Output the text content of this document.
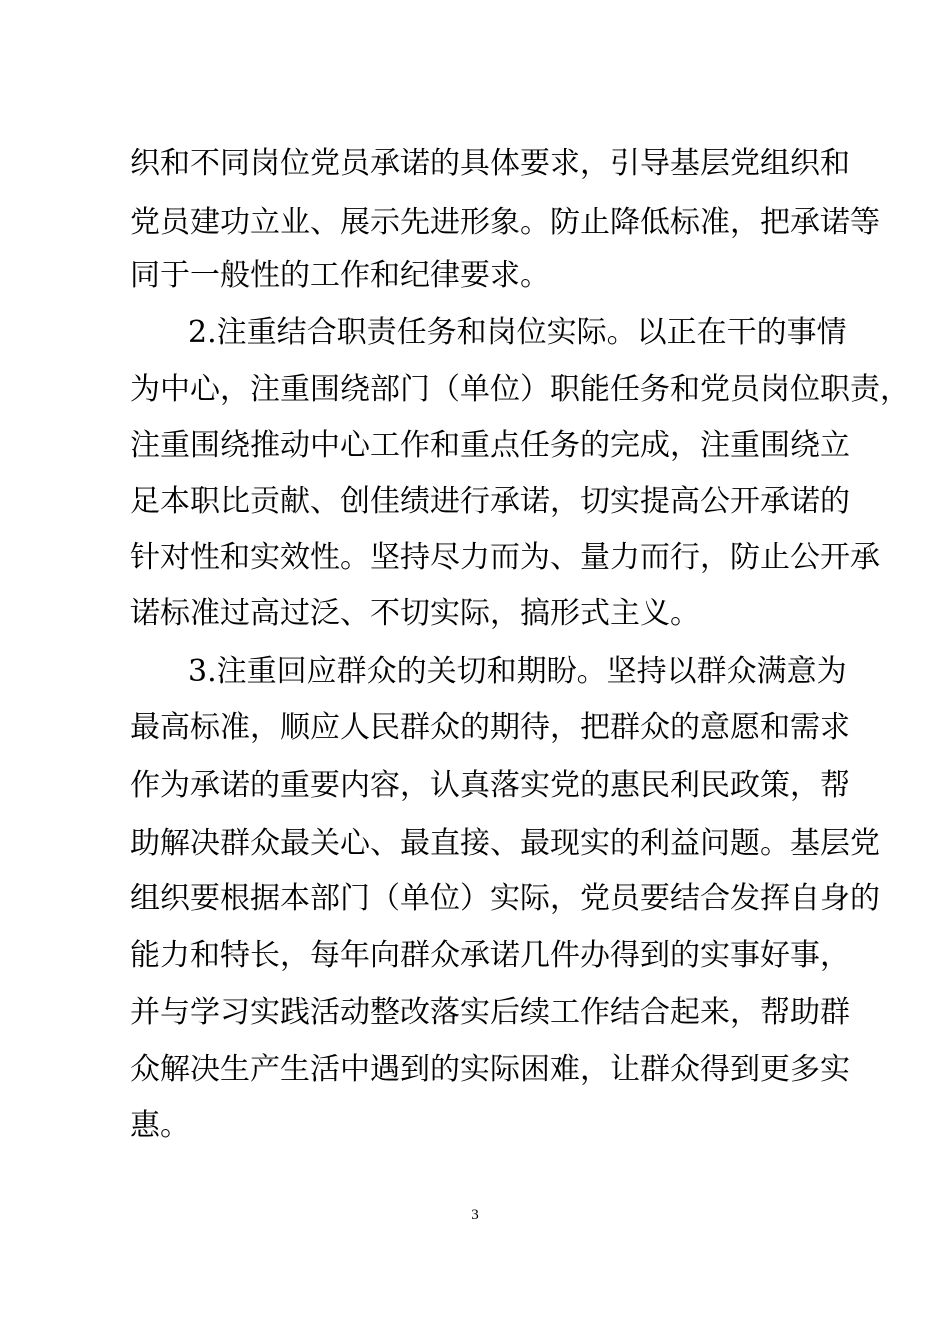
织和不同岗位党员承诺的具体要求，引导基层党组织和
党员建功立业、展示先进形象。防止降低标准，把承诺等
同于一般性的工作和纪律要求。
2.注重结合职责任务和岗位实际。以正在干的事情
为中心，注重围绕部门（单位）职能任务和党员岗位职责，
注重围绕推动中心工作和重点任务的完成，注重围绕立
足本职比贡献、创佳绩进行承诺，切实提高公开承诺的
针对性和实效性。坚持尽力而为、量力而行，防止公开承
诺标准过高过泛、不切实际，搞形式主义。
3.注重回应群众的关切和期盼。坚持以群众满意为
最高标准，顺应人民群众的期待，把群众的意愿和需求
作为承诺的重要内容，认真落实党的惠民利民政策，帮
助解决群众最关心、最直接、最现实的利益问题。基层党
组织要根据本部门（单位）实际，党员要结合发挥自身的
能力和特长，每年向群众承诺几件办得到的实事好事，
并与学习实践活动整改落实后续工作结合起来，帮助群
众解决生产生活中遇到的实际困难，让群众得到更多实
惠。
3
